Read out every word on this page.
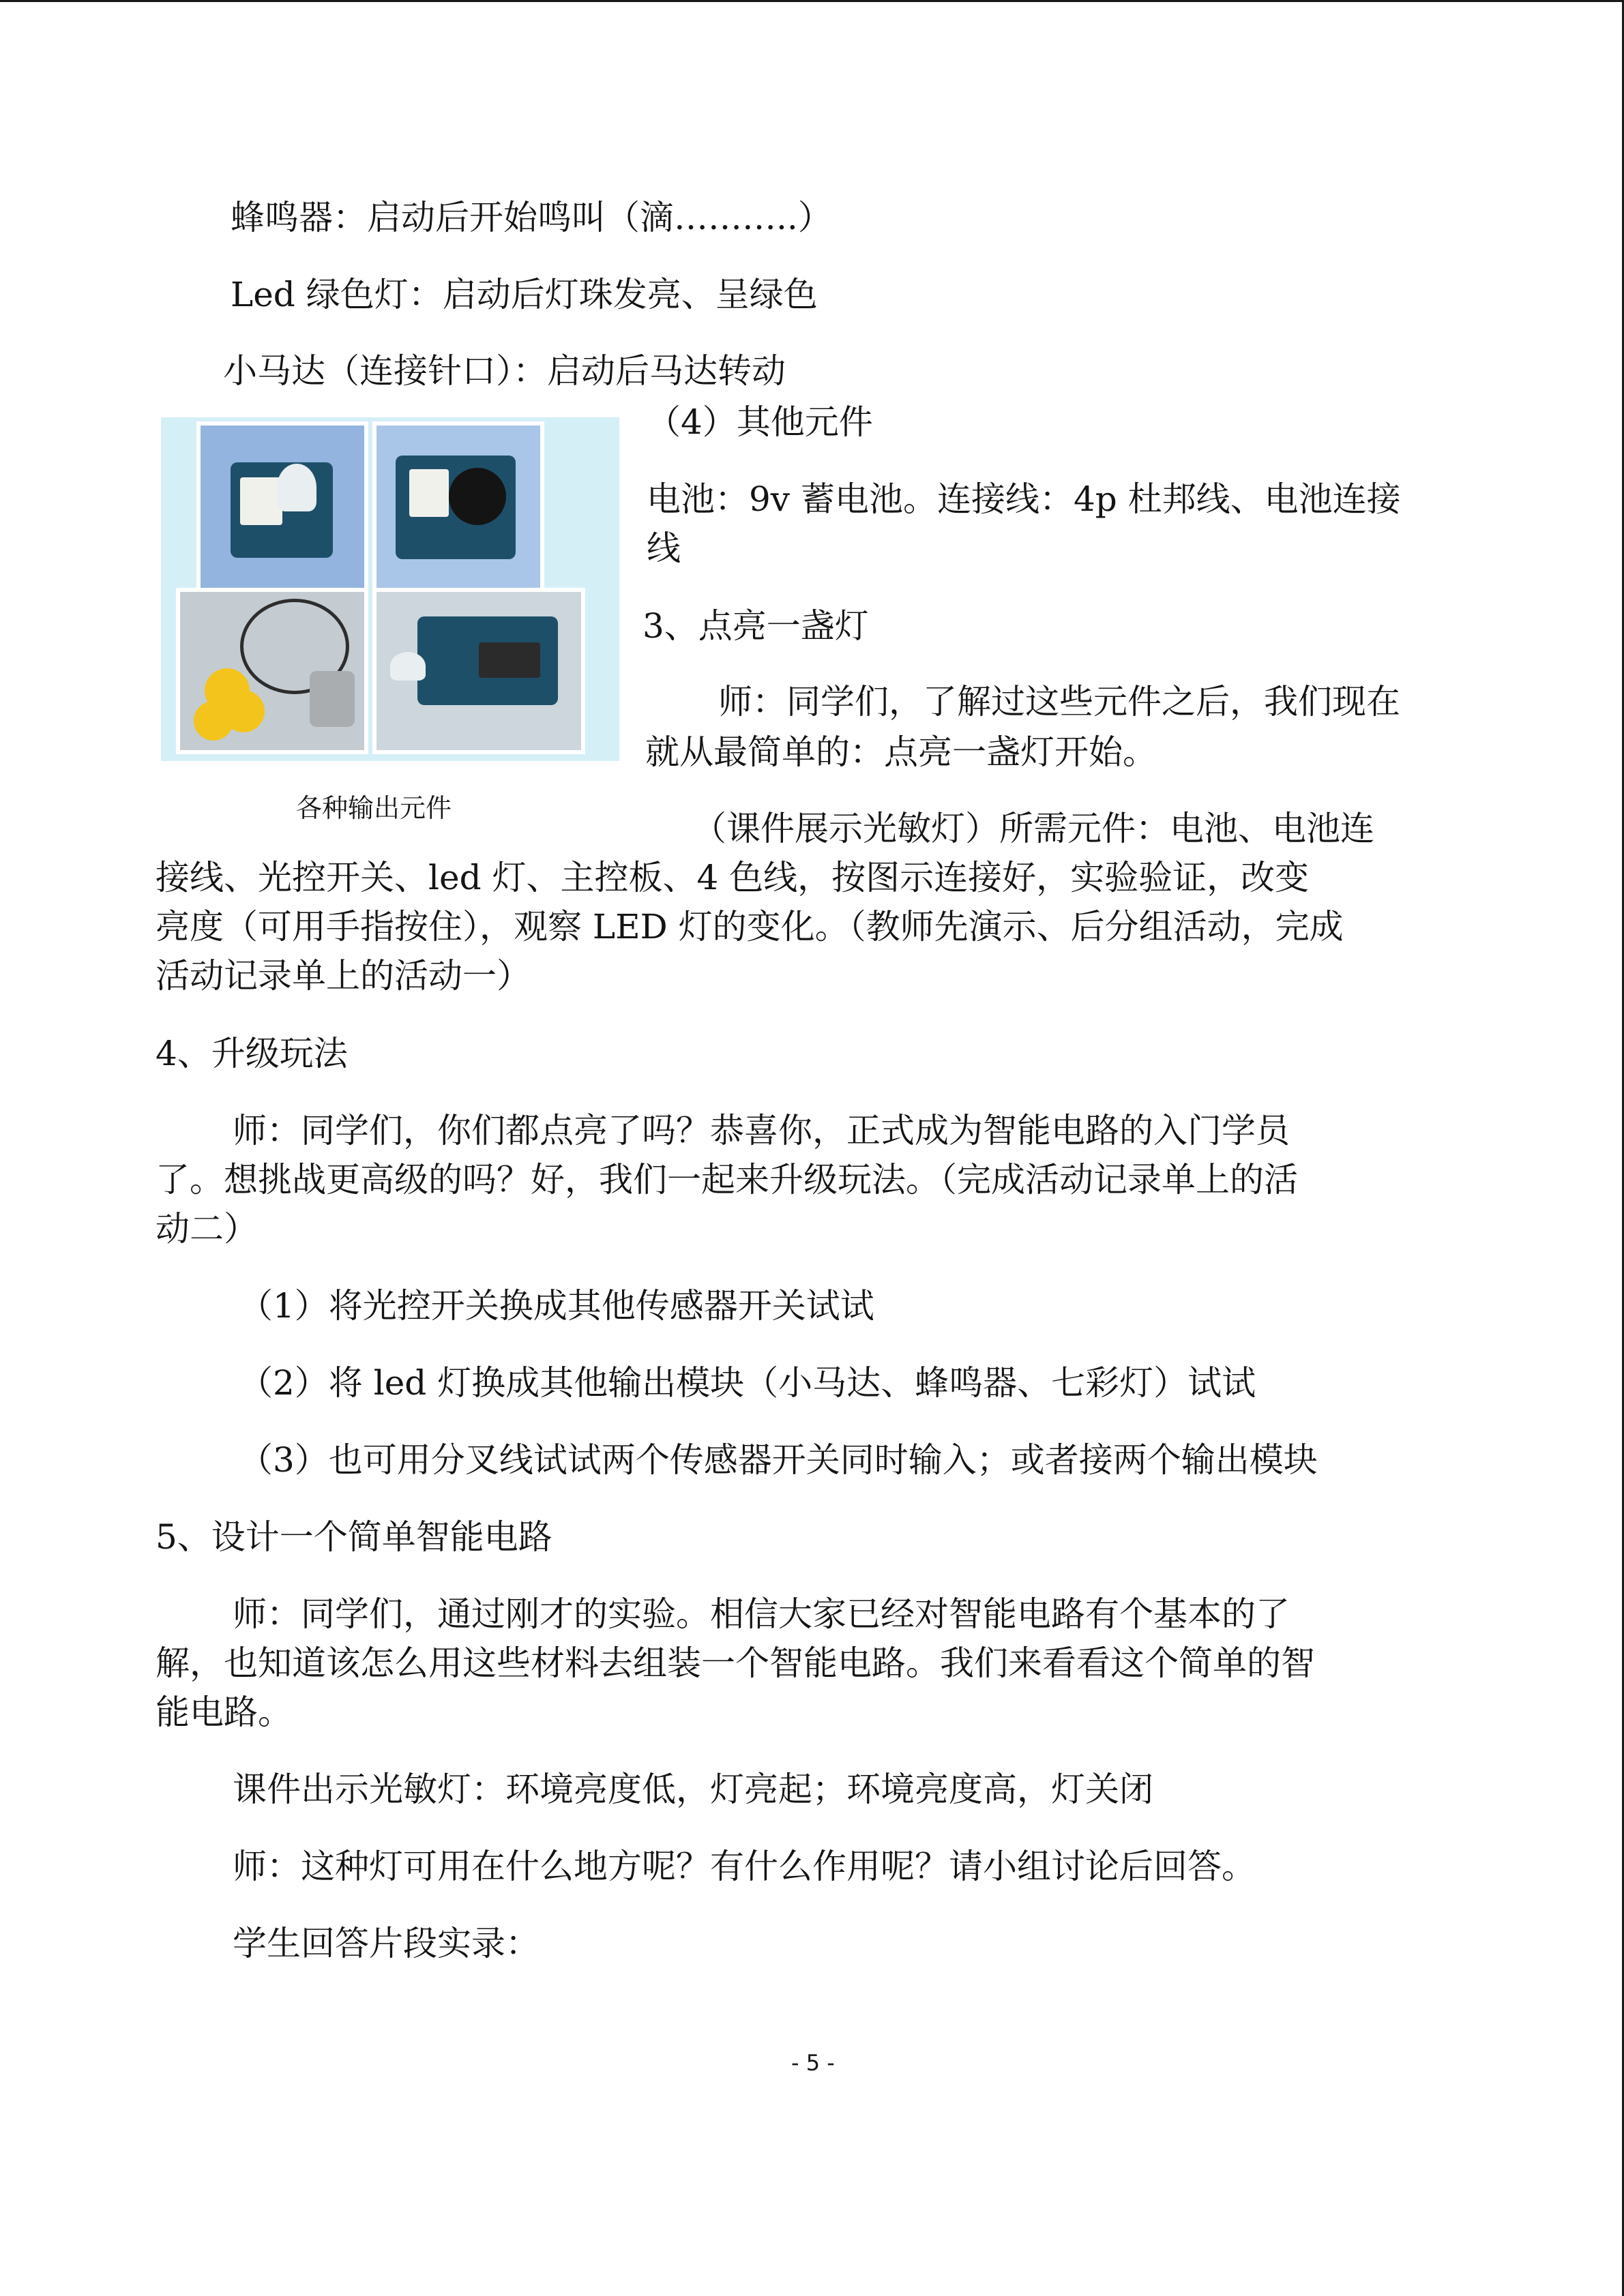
蜂鸣器：启动后开始鸣叫（滴………..）
Led 绿色灯：启动后灯珠发亮、呈绿色
小马达（连接针口）：启动后马达转动
（4）其他元件
电池：9v 蓄电池。连接线：4p 杜邦线、电池连接
线
3、点亮一盏灯
师：同学们，了解过这些元件之后，我们现在
就从最简单的：点亮一盏灯开始。
各种输出元件
（课件展示光敏灯）所需元件：电池、电池连
接线、光控开关、led 灯、主控板、4 色线，按图示连接好，实验验证，改变
亮度（可用手指按住），观察 LED 灯的变化。（教师先演示、后分组活动，完成
活动记录单上的活动一）
4、升级玩法
师：同学们，你们都点亮了吗？恭喜你，正式成为智能电路的入门学员
了。想挑战更高级的吗？好，我们一起来升级玩法。（完成活动记录单上的活
动二）
（1）将光控开关换成其他传感器开关试试
（2）将 led 灯换成其他输出模块（小马达、蜂鸣器、七彩灯）试试
（3）也可用分叉线试试两个传感器开关同时输入；或者接两个输出模块
5、设计一个简单智能电路
师：同学们，通过刚才的实验。相信大家已经对智能电路有个基本的了
解，也知道该怎么用这些材料去组装一个智能电路。我们来看看这个简单的智
能电路。
课件出示光敏灯：环境亮度低，灯亮起；环境亮度高，灯关闭
师：这种灯可用在什么地方呢？有什么作用呢？请小组讨论后回答。
学生回答片段实录：
- 5 -
